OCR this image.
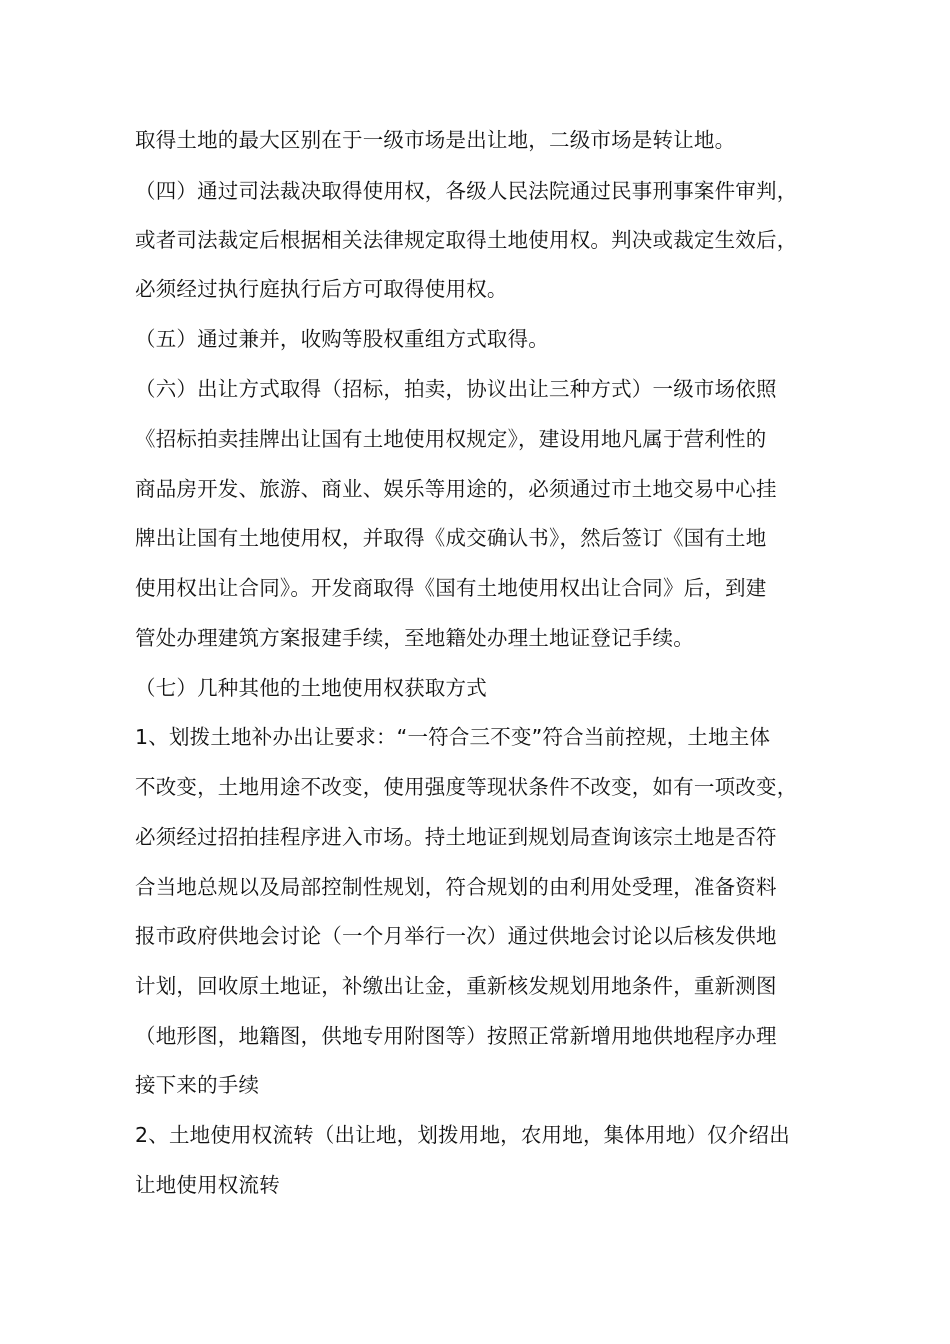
取得土地的最大区别在于一级市场是出让地，二级市场是转让地。
（四）通过司法裁决取得使用权，各级人民法院通过民事刑事案件审判，
或者司法裁定后根据相关法律规定取得土地使用权。判决或裁定生效后，
必须经过执行庭执行后方可取得使用权。
（五）通过兼并，收购等股权重组方式取得。
（六）出让方式取得（招标，拍卖，协议出让三种方式）一级市场依照
《招标拍卖挂牌出让国有土地使用权规定》，建设用地凡属于营利性的
商品房开发、旅游、商业、娱乐等用途的，必须通过市土地交易中心挂
牌出让国有土地使用权，并取得《成交确认书》，然后签订《国有土地
使用权出让合同》。开发商取得《国有土地使用权出让合同》后，到建
管处办理建筑方案报建手续，至地籍处办理土地证登记手续。
（七）几种其他的土地使用权获取方式
1、划拨土地补办出让要求：“一符合三不变”符合当前控规，土地主体
不改变，土地用途不改变，使用强度等现状条件不改变，如有一项改变，
必须经过招拍挂程序进入市场。持土地证到规划局查询该宗土地是否符
合当地总规以及局部控制性规划，符合规划的由利用处受理，准备资料
报市政府供地会讨论（一个月举行一次）通过供地会讨论以后核发供地
计划，回收原土地证，补缴出让金，重新核发规划用地条件，重新测图
（地形图，地籍图，供地专用附图等）按照正常新增用地供地程序办理
接下来的手续
2、土地使用权流转（出让地，划拨用地，农用地，集体用地）仅介绍出
让地使用权流转
